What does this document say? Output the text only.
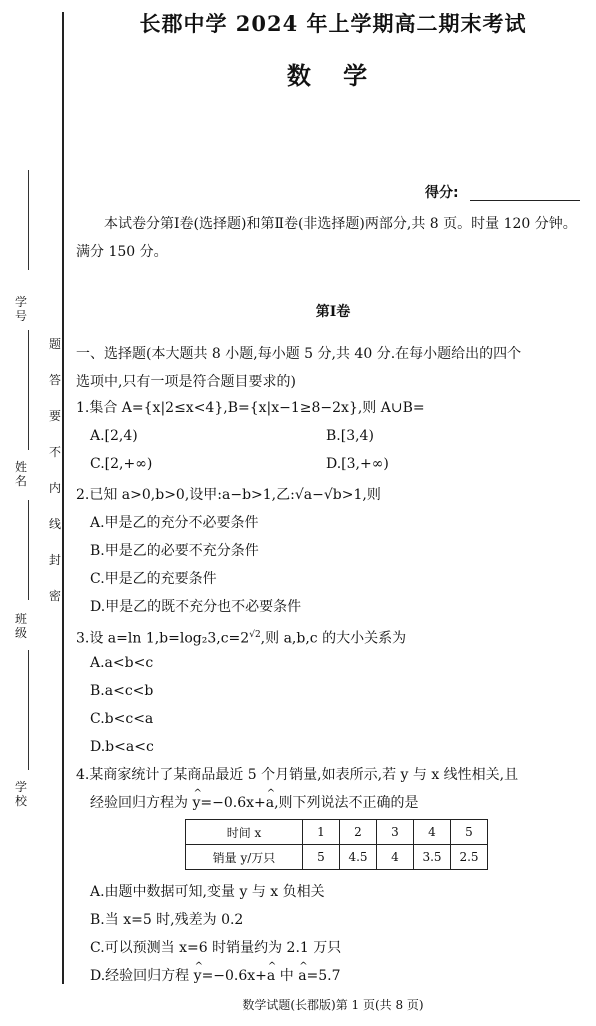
题
答
要
不
内
线
封
密
学 号
姓 名
班 级
学 校
长郡中学 2024 年上学期高二期末考试
数 学
得分:
本试卷分第Ⅰ卷(选择题)和第Ⅱ卷(非选择题)两部分,共 8 页。时量 120 分钟。满分 150 分。
第Ⅰ卷
一、选择题(本大题共 8 小题,每小题 5 分,共 40 分.在每小题给出的四个
选项中,只有一项是符合题目要求的)
1.集合 A={x|2≤x<4},B={x|x−1≥8−2x},则 A∪B=
A.[2,4)	B.[3,4)
C.[2,+∞)	D.[3,+∞)
2.已知 a>0,b>0,设甲:a−b>1,乙:√a−√b>1,则
A.甲是乙的充分不必要条件
B.甲是乙的必要不充分条件
C.甲是乙的充要条件
D.甲是乙的既不充分也不必要条件
3.设 a=ln $1,b=\log_23,c=2^{√2}$,则 a,b,c 的大小关系为
A.a<b<c
B.a<c<b
C.b<c<a
D.b<a<c
4.某商家统计了某商品最近 5 个月销量,如表所示,若 y 与 x 线性相关,且
经验回归方程为 ^ y=−0.6x+^ a,则下列说法不正确的是
时间 x	1	2	3	4	5
销量 y/万只	5	4.5	4	3.5	2.5
A.由题中数据可知,变量 y 与 x 负相关
B.当 x=5 时,残差为 0.2
C.可以预测当 x=6 时销量约为 2.1 万只
D.经验回归方程 ^ y=−0.6x+^ a 中 ^ a=5.7
数学试题(长郡版)第 1 页(共 8 页)
